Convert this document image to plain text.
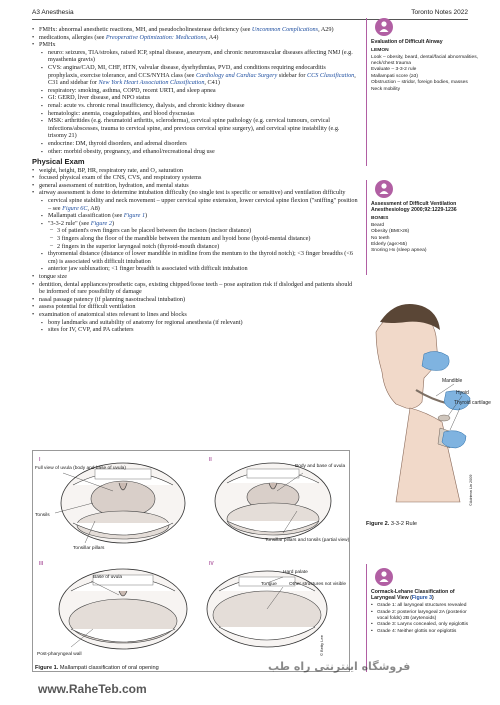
A3 Anesthesia	Toronto Notes 2022
• FMHx: abnormal anesthetic reactions, MH, and pseudocholinesterase deficiency (see Uncommon Complications, A29)
• medications, allergies (see Preoperative Optimization: Medications, A4)
• PMHx
▪ neuro: seizures, TIA/strokes, raised ICP, spinal disease, aneurysm, and chronic neuromuscular diseases affecting NMJ (e.g. myasthenia gravis)
▪ CVS: angina/CAD, MI, CHF, HTN, valvular disease, dysrhythmias, PVD, and conditions requiring endocarditis prophylaxis, exercise tolerance, and CCS/NYHA class (see Cardiology and Cardiac Surgery sidebar for CCS Classification, C31 and sidebar for New York Heart Association Classification, C41)
▪ respiratory: smoking, asthma, COPD, recent URTI, and sleep apnea
▪ GI: GERD, liver disease, and NPO status
▪ renal: acute vs. chronic renal insufficiency, dialysis, and chronic kidney disease
▪ hematologic: anemia, coagulopathies, and blood dyscrasias
▪ MSK: arthritides (e.g. rheumatoid arthritis, scleroderma), cervical spine pathology (e.g. cervical tumours, cervical infections/abscesses, trauma to cervical spine, and previous cervical spine surgery), and cervical spine instability (e.g. trisomy 21)
▪ endocrine: DM, thyroid disorders, and adrenal disorders
▪ other: morbid obesity, pregnancy, and ethanol/recreational drug use
Physical Exam
• weight, height, BP, HR, respiratory rate, and O₂ saturation
• focused physical exam of the CNS, CVS, and respiratory systems
• general assessment of nutrition, hydration, and mental status
• airway assessment is done to determine intubation difficulty (no single test is specific or sensitive) and ventilation difficulty
▪ cervical spine stability and neck movement – upper cervical spine extension, lower cervical spine flexion ("sniffing" position – see Figure 6C, A8)
▪ Mallampati classification (see Figure 1)
▪ "3-3-2 rule" (see Figure 2)
– 3 of patient's own fingers can be placed between the incisors (incisor distance)
– 3 fingers along the floor of the mandible between the mentum and hyoid bone (hyoid-mental distance)
– 2 fingers in the superior laryngeal notch (thyroid-mouth distance)
▪ thyromental distance (distance of lower mandible in midline from the mentum to the thyroid notch); <3 finger breadths (<6 cm) is associated with difficult intubation
▪ anterior jaw subluxation; <1 finger breadth is associated with difficult intubation
• tongue size
• dentition, dental appliances/prosthetic caps, existing chipped/loose teeth – pose aspiration risk if dislodged and patients should be informed of rare possibility of damage
• nasal passage patency (if planning nasotracheal intubation)
• assess potential for difficult ventilation
• examination of anatomical sites relevant to lines and blocks
▪ bony landmarks and suitability of anatomy for regional anesthesia (if relevant)
▪ sites for IV, CVP, and PA catheters
I	II
III	IV
Full view of uvula (body and base of uvula)
Tonsils
Tonsillar pillars
Body and base of uvula
Tonsillar pillars and tonsils (partial view)
Base of uvula
Post-pharyngeal wall
Hard palate
Tongue	Other structures not visible
© Betty Lee
Figure 1. Mallampati classification of oral opening
Evaluation of Difficult Airway
LEMON
Look – obesity, beard, dental/facial abnormalities, neck/chest trauma
Evaluate – 3-3-2 rule
Mallampati score (≥3)
Obstruction – stridor, foreign bodies, masses
Neck mobility
Assessment of Difficult Ventilation
Anesthesiology 2000;92:1229-1236
BONES
Beard
Obesity (BMI>26)
No teeth
Elderly (age>55)
Snoring Hx (sleep apnea)
Mandible
Hyoid
Thyroid cartilage
©Adrienn Lin 2009
Figure 2. 3-3-2 Rule
Cormack-Lehane Classification of Laryngeal View (Figure 3)
• Grade 1: all laryngeal structures revealed
• Grade 2: posterior laryngeal 2A (posterior vocal folds) 2B (arytenoids)
• Grade 3: Larynx concealed, only epiglottis
• Grade 4: Neither glottis nor epiglottis
فروشگاه اینترنتی راه طب
www.RaheTeb.com
